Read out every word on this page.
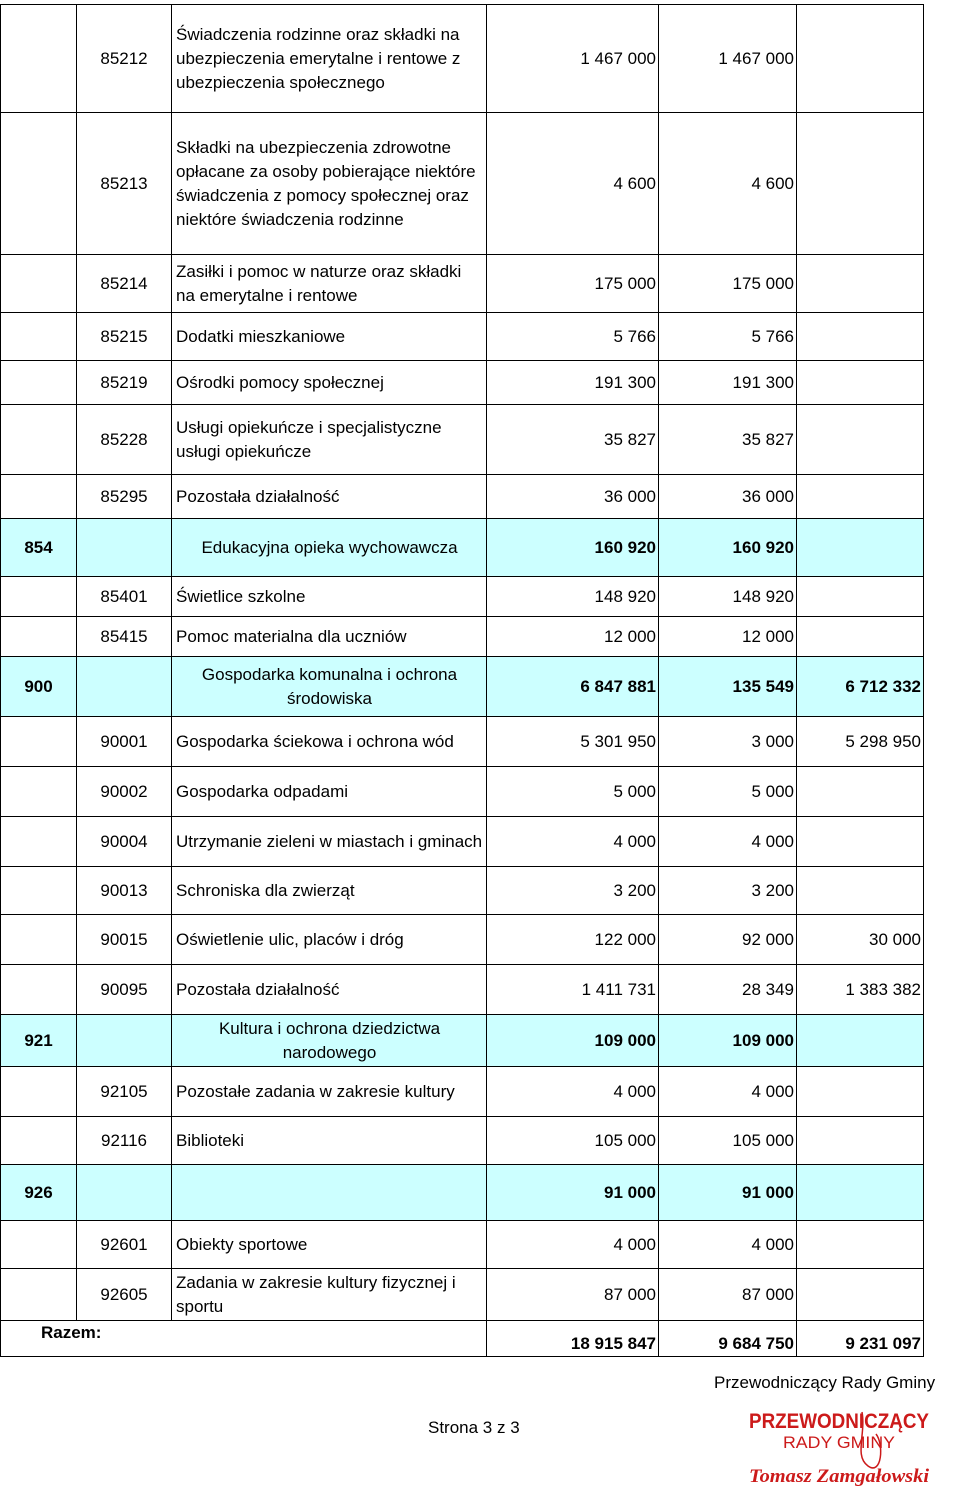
	85212	Świadczenia rodzinne oraz składki na ubezpieczenia emerytalne i rentowe z ubezpieczenia społecznego	1 467 000	1 467 000	
	85213	Składki na ubezpieczenia zdrowotne opłacane za osoby pobierające niektóre świadczenia z pomocy społecznej oraz niektóre świadczenia rodzinne	4 600	4 600	
	85214	Zasiłki i pomoc w naturze oraz składki na emerytalne i rentowe	175 000	175 000	
	85215	Dodatki mieszkaniowe	5 766	5 766	
	85219	Ośrodki pomocy społecznej	191 300	191 300	
	85228	Usługi opiekuńcze i specjalistyczne usługi opiekuńcze	35 827	35 827	
	85295	Pozostała działalność	36 000	36 000	
854		Edukacyjna opieka wychowawcza	160 920	160 920	
	85401	Świetlice szkolne	148 920	148 920	
	85415	Pomoc materialna dla uczniów	12 000	12 000	
900		Gospodarka komunalna i ochrona środowiska	6 847 881	135 549	6 712 332
	90001	Gospodarka ściekowa i ochrona wód	5 301 950	3 000	5 298 950
	90002	Gospodarka odpadami	5 000	5 000	
	90004	Utrzymanie zieleni w miastach i gminach	4 000	4 000	
	90013	Schroniska dla zwierząt	3 200	3 200	
	90015	Oświetlenie ulic, placów i dróg	122 000	92 000	30 000
	90095	Pozostała działalność	1 411 731	28 349	1 383 382
921		Kultura i ochrona dziedzictwa narodowego	109 000	109 000	
	92105	Pozostałe zadania w zakresie kultury	4 000	4 000	
	92116	Biblioteki	105 000	105 000	
926			91 000	91 000	
	92601	Obiekty sportowe	4 000	4 000	
	92605	Zadania w zakresie kultury fizycznej i sportu	87 000	87 000	
Razem:			18 915 847	9 684 750	9 231 097
Strona 3 z 3
Przewodniczący Rady Gminy
PRZEWODNICZĄCY
RADY GMINY
Tomasz Zamgałowski
